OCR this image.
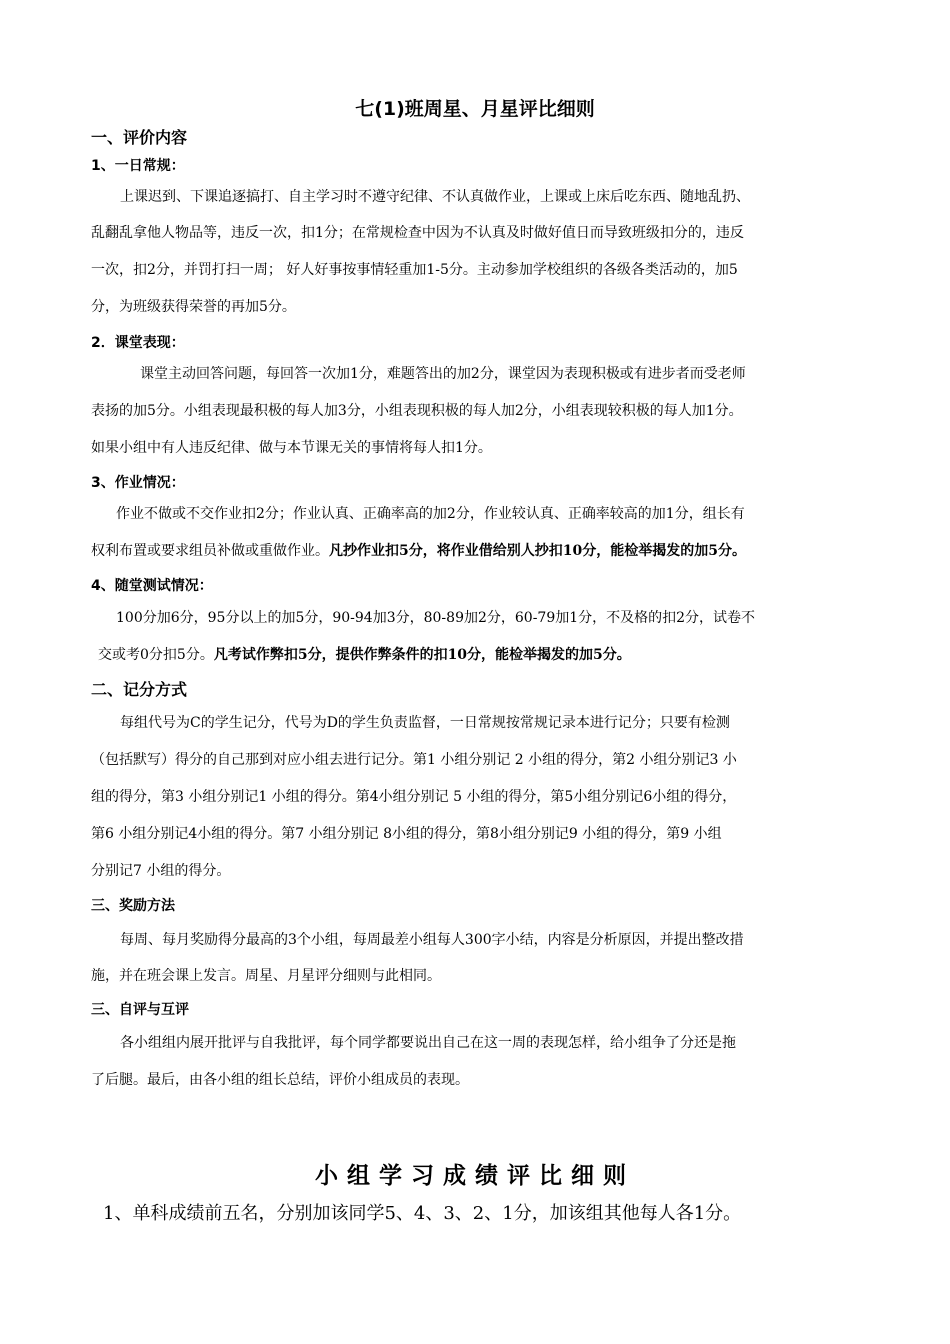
七(1)班周星、月星评比细则
一、评价内容
1、一日常规：
上课迟到、下课追逐搞打、自主学习时不遵守纪律、不认真做作业，上课或上床后吃东西、随地乱扔、
乱翻乱拿他人物品等，违反一次，扣1分；在常规检查中因为不认真及时做好值日而导致班级扣分的，违反
一次，扣2分，并罚打扫一周； 好人好事按事情轻重加1-5分。主动参加学校组织的各级各类活动的，加5
分，为班级获得荣誉的再加5分。
2．课堂表现：
课堂主动回答问题，每回答一次加1分，难题答出的加2分，课堂因为表现积极或有进步者而受老师
表扬的加5分。小组表现最积极的每人加3分，小组表现积极的每人加2分，小组表现较积极的每人加1分。
如果小组中有人违反纪律、做与本节课无关的事情将每人扣1分。
3、作业情况：
作业不做或不交作业扣2分；作业认真、正确率高的加2分，作业较认真、正确率较高的加1分，组长有
权利布置或要求组员补做或重做作业。凡抄作业扣5分，将作业借给别人抄扣10分，能检举揭发的加5分。
4、随堂测试情况：
100分加6分，95分以上的加5分，90-94加3分，80-89加2分，60-79加1分，不及格的扣2分，试卷不
交或考0分扣5分。凡考试作弊扣5分，提供作弊条件的扣10分，能检举揭发的加5分。
二、记分方式
每组代号为C的学生记分，代号为D的学生负责监督，一日常规按常规记录本进行记分；只要有检测
（包括默写）得分的自己那到对应小组去进行记分。第1 小组分别记 2 小组的得分，第2 小组分别记3 小
组的得分，第3 小组分别记1 小组的得分。第4小组分别记 5 小组的得分，第5小组分别记6小组的得分，
第6 小组分别记4小组的得分。第7 小组分别记 8小组的得分，第8小组分别记9 小组的得分，第9 小组
分别记7 小组的得分。
三、奖励方法
每周、每月奖励得分最高的3个小组，每周最差小组每人300字小结，内容是分析原因，并提出整改措
施，并在班会课上发言。周星、月星评分细则与此相同。
三、自评与互评
各小组组内展开批评与自我批评，每个同学都要说出自己在这一周的表现怎样，给小组争了分还是拖
了后腿。最后，由各小组的组长总结，评价小组成员的表现。
小组学习成绩评比细则
1、单科成绩前五名，分别加该同学5、4、3、2、1分，加该组其他每人各1分。
